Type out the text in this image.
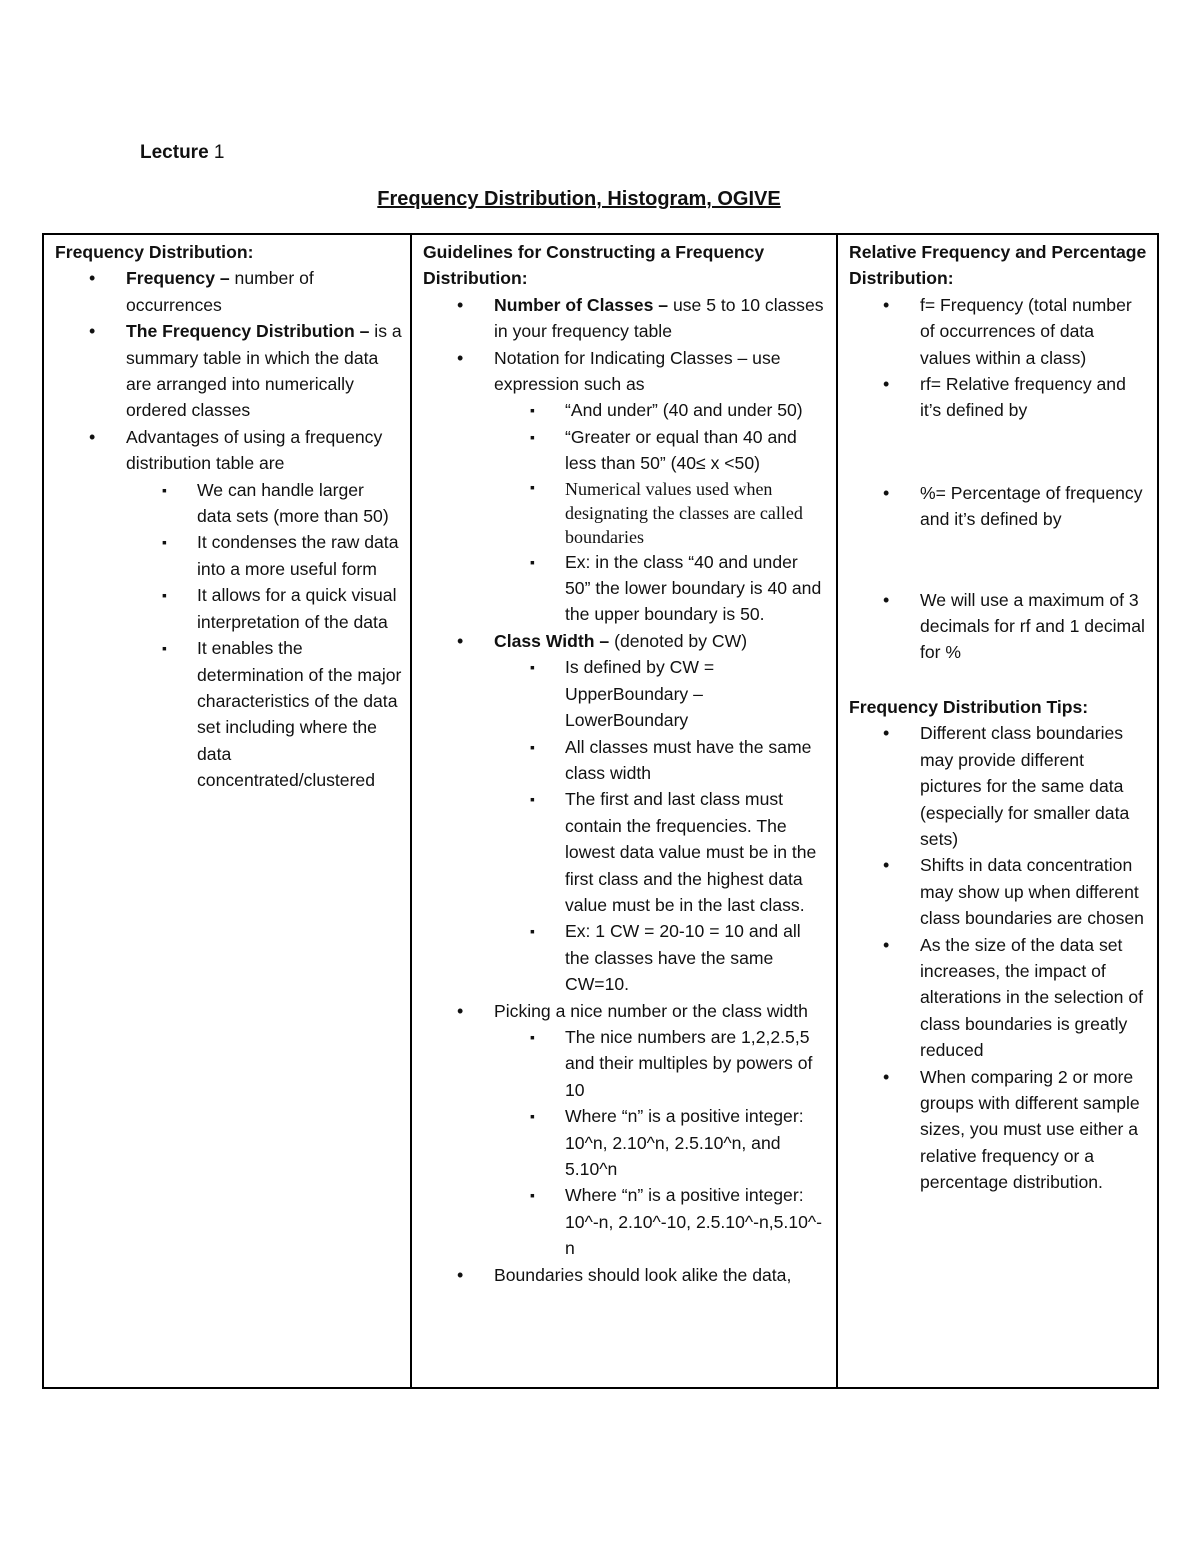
Lecture 1
Frequency Distribution, Histogram, OGIVE
Frequency Distribution:
• Frequency – number of occurrences
• The Frequency Distribution – is a summary table in which the data are arranged into numerically ordered classes
• Advantages of using a frequency distribution table are
▪ We can handle larger data sets (more than 50)
▪ It condenses the raw data into a more useful form
▪ It allows for a quick visual interpretation of the data
▪ It enables the determination of the major characteristics of the data set including where the data concentrated/clustered

Guidelines for Constructing a Frequency Distribution:
• Number of Classes – use 5 to 10 classes in your frequency table
• Notation for Indicating Classes – use expression such as
▪ “And under” (40 and under 50)
▪ “Greater or equal than 40 and less than 50” (40≤ x <50)
▪ Numerical values used when designating the classes are called boundaries
▪ Ex: in the class “40 and under 50” the lower boundary is 40 and the upper boundary is 50.
• Class Width – (denoted by CW)
▪ Is defined by CW = UpperBoundary – LowerBoundary
▪ All classes must have the same class width
▪ The first and last class must contain the frequencies. The lowest data value must be in the first class and the highest data value must be in the last class.
▪ Ex: 1 CW = 20-10 = 10 and all the classes have the same CW=10.
• Picking a nice number or the class width
▪ The nice numbers are 1,2,2.5,5 and their multiples by powers of 10
▪ Where “n” is a positive integer: 10^n, 2.10^n, 2.5.10^n, and 5.10^n
▪ Where “n” is a positive integer: 10^-n, 2.10^-10, 2.5.10^-n,5.10^-n
• Boundaries should look alike the data,

Relative Frequency and Percentage Distribution:
• f= Frequency (total number of occurrences of data values within a class)
• rf= Relative frequency and it’s defined by
• %= Percentage of frequency and it’s defined by
• We will use a maximum of 3 decimals for rf and 1 decimal for %
Frequency Distribution Tips:
• Different class boundaries may provide different pictures for the same data (especially for smaller data sets)
• Shifts in data concentration may show up when different class boundaries are chosen
• As the size of the data set increases, the impact of alterations in the selection of class boundaries is greatly reduced
• When comparing 2 or more groups with different sample sizes, you must use either a relative frequency or a percentage distribution.
